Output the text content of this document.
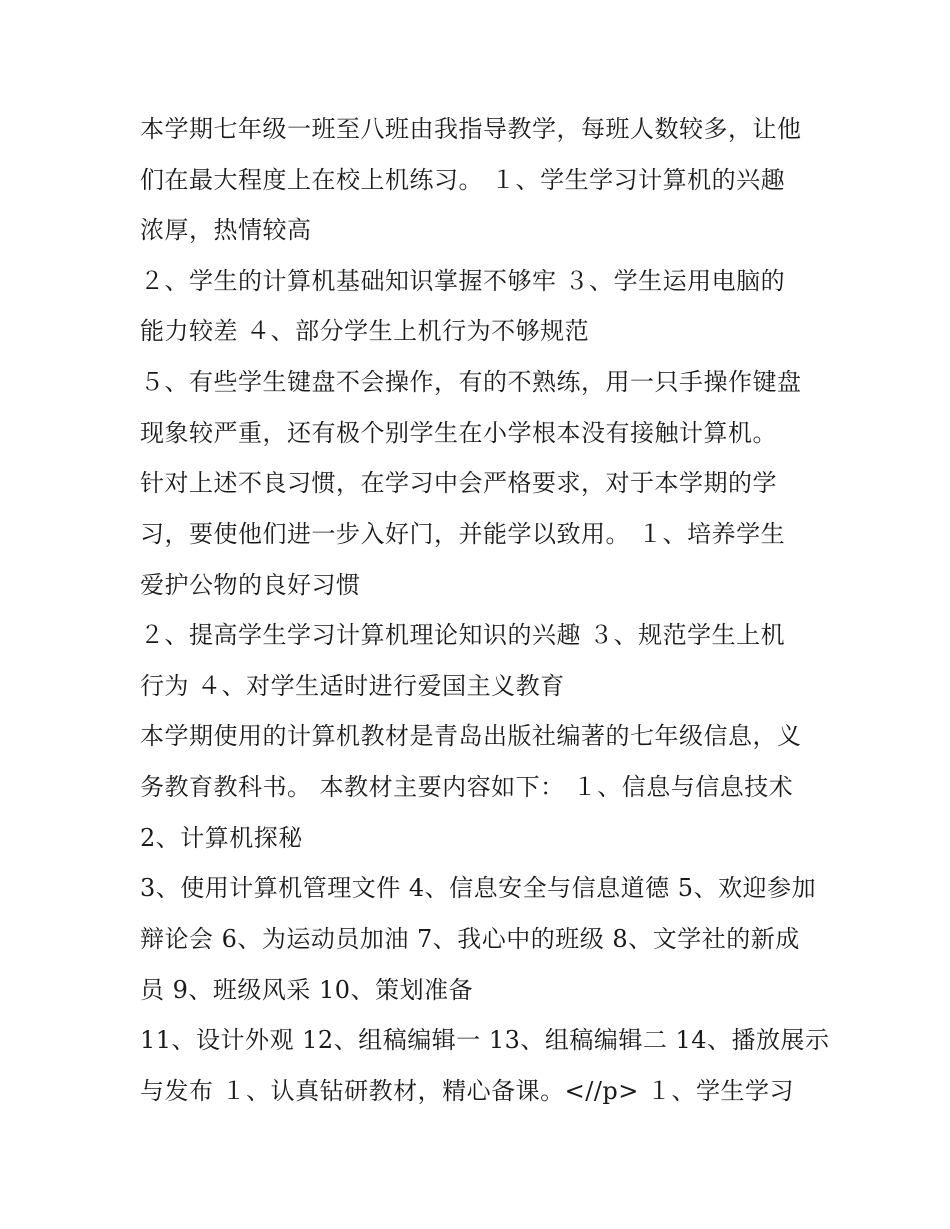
本学期七年级一班至八班由我指导教学，每班人数较多，让他
们在最大程度上在校上机练习。 １、学生学习计算机的兴趣
浓厚，热情较高
２、学生的计算机基础知识掌握不够牢 ３、学生运用电脑的
能力较差 ４、部分学生上机行为不够规范
５、有些学生键盘不会操作，有的不熟练，用一只手操作键盘
现象较严重，还有极个别学生在小学根本没有接触计算机。
针对上述不良习惯，在学习中会严格要求，对于本学期的学
习，要使他们进一步入好门，并能学以致用。 １、培养学生
爱护公物的良好习惯
２、提高学生学习计算机理论知识的兴趣 ３、规范学生上机
行为 ４、对学生适时进行爱国主义教育
本学期使用的计算机教材是青岛出版社编著的七年级信息，义
务教育教科书。 本教材主要内容如下： １、信息与信息技术
2、计算机探秘
3、使用计算机管理文件 4、信息安全与信息道德 5、欢迎参加
辩论会 6、为运动员加油 7、我心中的班级 8、文学社的新成
员 9、班级风采 10、策划准备
11、设计外观 12、组稿编辑一 13、组稿编辑二 14、播放展示
与发布 １、认真钻研教材，精心备课。<//p> １、学生学习
